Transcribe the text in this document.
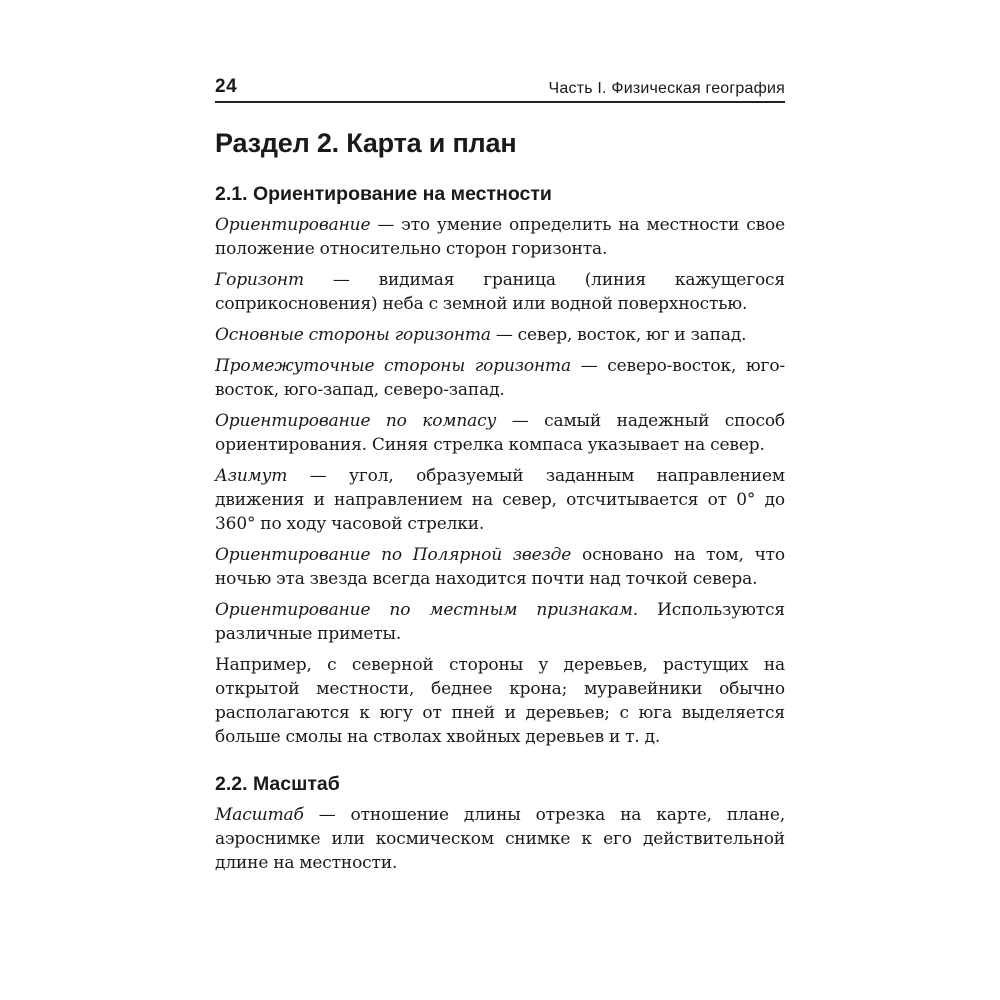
24	Часть I. Физическая география
Раздел 2. Карта и план
2.1. Ориентирование на местности

Ориентирование — это умение определить на местности свое положение относительно сторон горизонта.

Горизонт — видимая граница (линия кажущегося соприкосновения) неба с земной или водной поверхностью.

Основные стороны горизонта — север, восток, юг и запад.

Промежуточные стороны горизонта — северо-восток, юго-восток, юго-запад, северо-запад.

Ориентирование по компасу — самый надежный способ ориентирования. Синяя стрелка компаса указывает на север.

Азимут — угол, образуемый заданным направлением движения и направлением на север, отсчитывается от 0° до 360° по ходу часовой стрелки.

Ориентирование по Полярной звезде основано на том, что ночью эта звезда всегда находится почти над точкой севера.

Ориентирование по местным признакам. Используются различные приметы.

Например, с северной стороны у деревьев, растущих на открытой местности, беднее крона; муравейники обычно располагаются к югу от пней и деревьев; с юга выделяется больше смолы на стволах хвойных деревьев и т. д.

2.2. Масштаб

Масштаб — отношение длины отрезка на карте, плане, аэроснимке или космическом снимке к его действительной длине на местности.
